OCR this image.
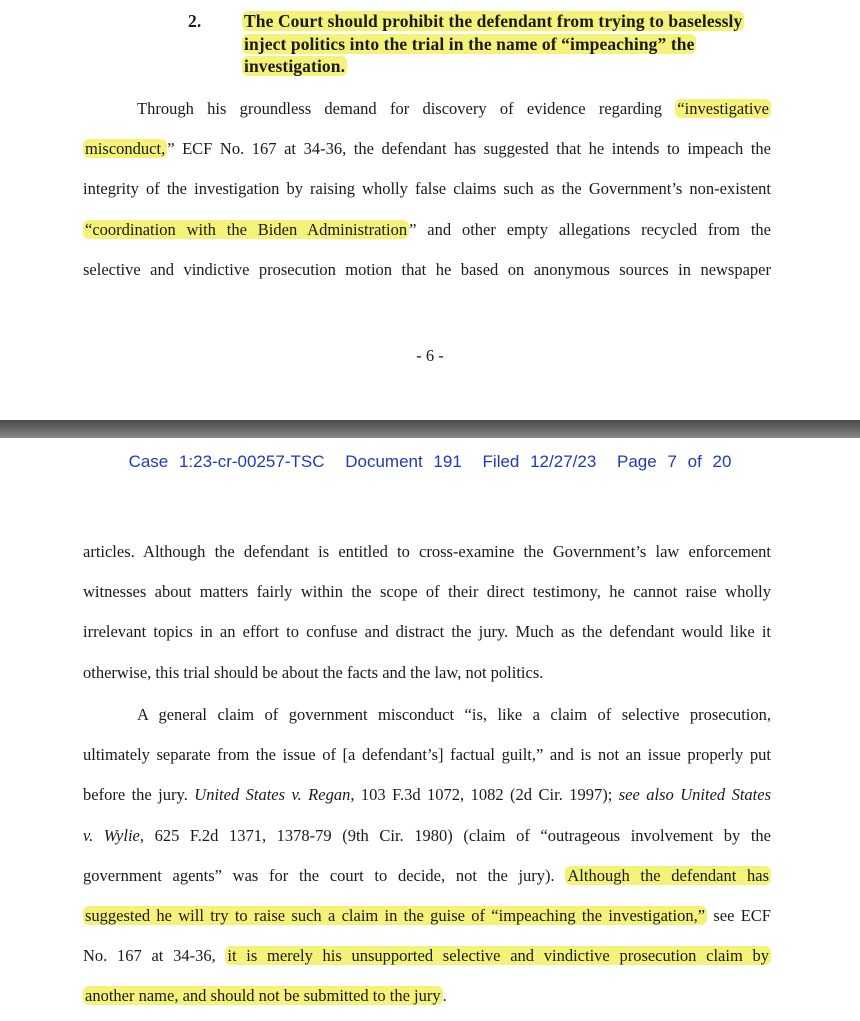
2. The Court should prohibit the defendant from trying to baselessly
inject politics into the trial in the name of “impeaching” the
investigation.
Through his groundless demand for discovery of evidence regarding “investigative
misconduct, ” ECF No. 167 at 34-36, the defendant has suggested that he intends to impeach the
integrity of the investigation by raising wholly false claims such as the Government’s non-existent
“coordination with the Biden Administration ” and other empty allegations recycled from the
selective and vindictive prosecution motion that he based on anonymous sources in newspaper
- 6 -
Case 1:23-cr-00257-TSC Document 191 Filed 12/27/23 Page 7 of 20
articles. Although the defendant is entitled to cross-examine the Government’s law enforcement
witnesses about matters fairly within the scope of their direct testimony, he cannot raise wholly
irrelevant topics in an effort to confuse and distract the jury. Much as the defendant would like it
otherwise, this trial should be about the facts and the law, not politics.
A general claim of government misconduct “is, like a claim of selective prosecution,
ultimately separate from the issue of [a defendant’s] factual guilt,” and is not an issue properly put
before the jury. United States v. Regan, 103 F.3d 1072, 1082 (2d Cir. 1997); see also United States
v. Wylie, 625 F.2d 1371, 1378-79 (9th Cir. 1980) (claim of “outrageous involvement by the
government agents” was for the court to decide, not the jury). Although the defendant has
suggested he will try to raise such a claim in the guise of “impeaching the investigation,” see ECF
No. 167 at 34-36, it is merely his unsupported selective and vindictive prosecution claim by
another name, and should not be submitted to the jury .
